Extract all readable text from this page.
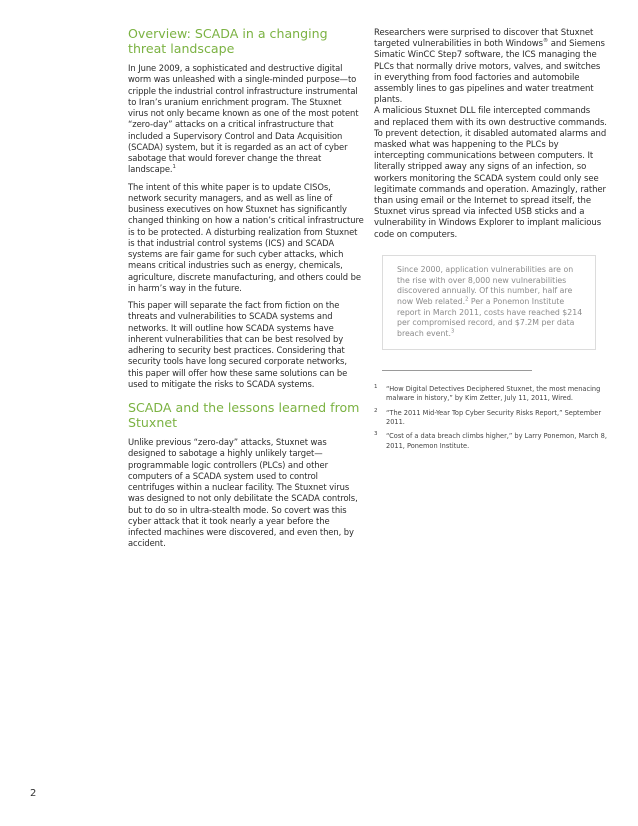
Overview: SCADA in a changing threat landscape

In June 2009, a sophisticated and destructive digital worm was unleashed with a single-minded purpose—to cripple the industrial control infrastructure instrumental to Iran’s uranium enrichment program. The Stuxnet virus not only became known as one of the most potent “zero-day” attacks on a critical infrastructure that included a Supervisory Control and Data Acquisition (SCADA) system, but it is regarded as an act of cyber sabotage that would forever change the threat landscape.$^1$

The intent of this white paper is to update CISOs, network security managers, and as well as line of business executives on how Stuxnet has significantly changed thinking on how a nation’s critical infrastructure is to be protected. A disturbing realization from Stuxnet is that industrial control systems (ICS) and SCADA systems are fair game for such cyber attacks, which means critical industries such as energy, chemicals, agriculture, discrete manufacturing, and others could be in harm’s way in the future.

This paper will separate the fact from fiction on the threats and vulnerabilities to SCADA systems and networks. It will outline how SCADA systems have inherent vulnerabilities that can be best resolved by adhering to security best practices. Considering that security tools have long secured corporate networks, this paper will offer how these same solutions can be used to mitigate the risks to SCADA systems.

SCADA and the lessons learned from Stuxnet

Unlike previous “zero-day” attacks, Stuxnet was designed to sabotage a highly unlikely target—programmable logic controllers (PLCs) and other computers of a SCADA system used to control centrifuges within a nuclear facility. The Stuxnet virus was designed to not only debilitate the SCADA controls, but to do so in ultra-stealth mode. So covert was this cyber attack that it took nearly a year before the infected machines were discovered, and even then, by accident.

Researchers were surprised to discover that Stuxnet targeted vulnerabilities in both Windows® and Siemens Simatic WinCC Step7 software, the ICS managing the PLCs that normally drive motors, valves, and switches in everything from food factories and automobile assembly lines to gas pipelines and water treatment plants.

A malicious Stuxnet DLL file intercepted commands and replaced them with its own destructive commands. To prevent detection, it disabled automated alarms and masked what was happening to the PLCs by intercepting communications between computers. It literally stripped away any signs of an infection, so workers monitoring the SCADA system could only see legitimate commands and operation. Amazingly, rather than using email or the Internet to spread itself, the Stuxnet virus spread via infected USB sticks and a vulnerability in Windows Explorer to implant malicious code on computers.

Since 2000, application vulnerabilities are on the rise with over 8,000 new vulnerabilities discovered annually. Of this number, half are now Web related.$^2$ Per a Ponemon Institute report in March 2011, costs have reached $214 per compromised record, and $7.2M per data breach event.$^3$

1 “How Digital Detectives Deciphered Stuxnet, the most menacing malware in history,” by Kim Zetter, July 11, 2011, Wired.
2 “The 2011 Mid-Year Top Cyber Security Risks Report,” September 2011.
3 “Cost of a data breach climbs higher,” by Larry Ponemon, March 8, 2011, Ponemon Institute.
2
